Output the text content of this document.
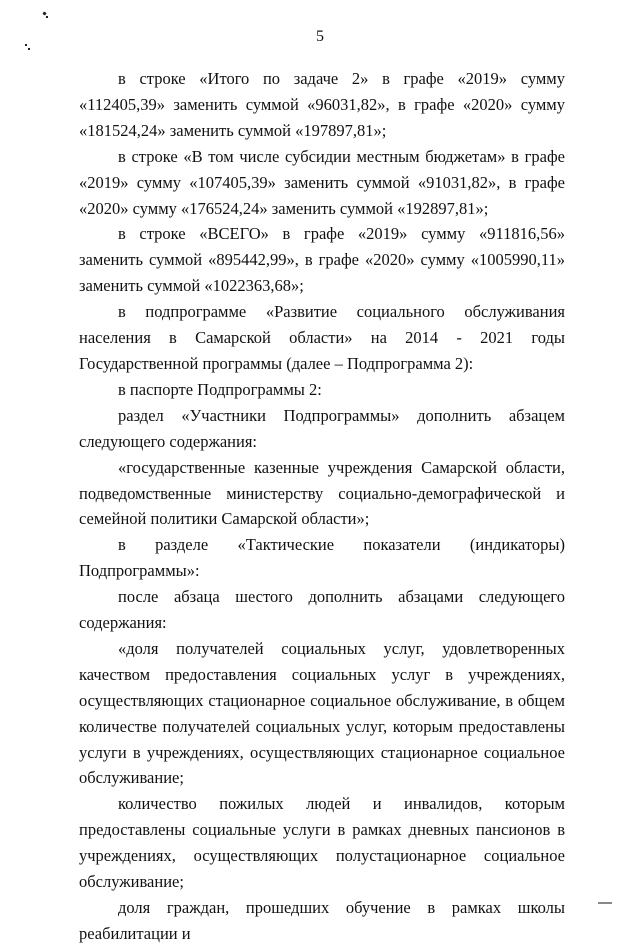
5

в строке «Итого по задаче 2» в графе «2019» сумму «112405,39» заменить суммой «96031,82», в графе «2020» сумму «181524,24» заменить суммой «197897,81»;

в строке «В том числе субсидии местным бюджетам» в графе «2019» сумму «107405,39» заменить суммой «91031,82», в графе «2020» сумму «176524,24» заменить суммой «192897,81»;

в строке «ВСЕГО» в графе «2019» сумму «911816,56» заменить суммой «895442,99», в графе «2020» сумму «1005990,11» заменить суммой «1022363,68»;

в подпрограмме «Развитие социального обслуживания населения в Самарской области» на 2014 - 2021 годы Государственной программы (далее – Подпрограмма 2):

в паспорте Подпрограммы 2:

раздел «Участники Подпрограммы» дополнить абзацем следующего содержания:

«государственные казенные учреждения Самарской области, подведомственные министерству социально-демографической и семейной политики Самарской области»;

в разделе «Тактические показатели (индикаторы) Подпрограммы»:

после абзаца шестого дополнить абзацами следующего содержания:

«доля получателей социальных услуг, удовлетворенных качеством предоставления социальных услуг в учреждениях, осуществляющих стационарное социальное обслуживание, в общем количестве получателей социальных услуг, которым предоставлены услуги в учреждениях, осуществляющих стационарное социальное обслуживание;

количество пожилых людей и инвалидов, которым предоставлены социальные услуги в рамках дневных пансионов в учреждениях, осуществляющих полустационарное социальное обслуживание;

доля граждан, прошедших обучение в рамках школы реабилитации и
